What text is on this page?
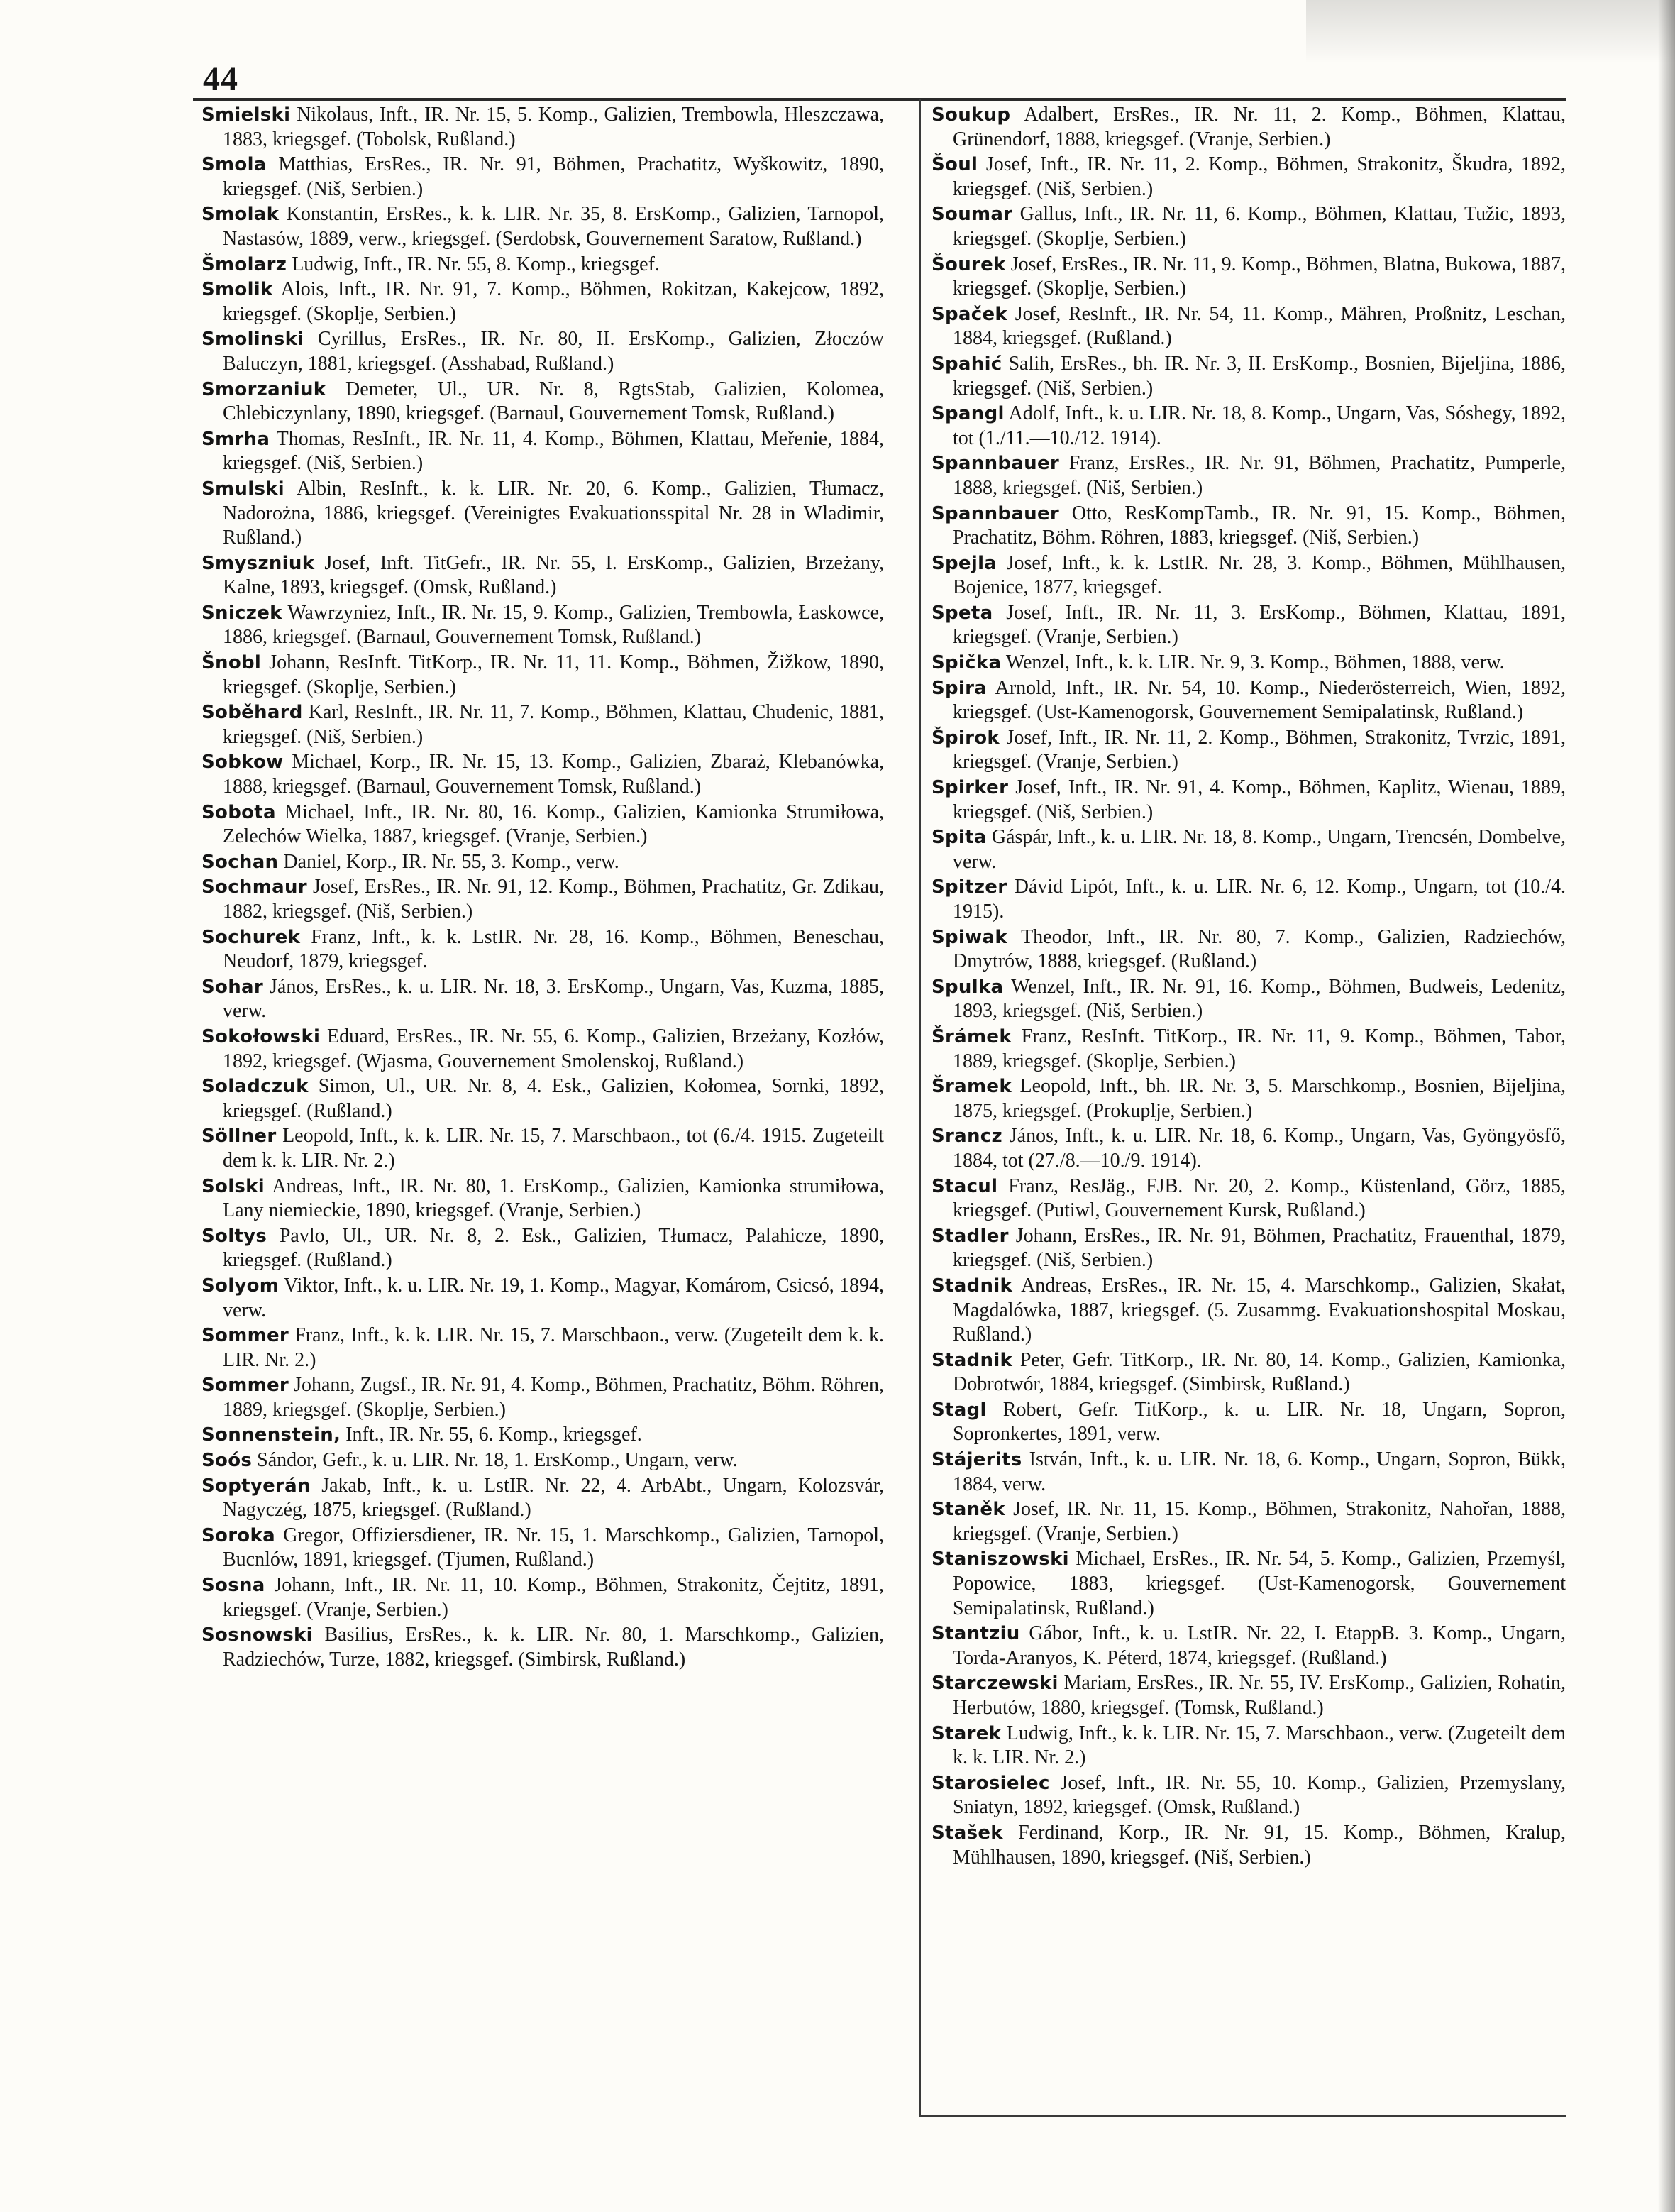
44

Smielski Nikolaus, Inft., IR. Nr. 15, 5. Komp., Galizien, Trembowla, Hleszczawa, 1883, kriegsgef. (Tobolsk, Rußland.)

Smola Matthias, ErsRes., IR. Nr. 91, Böhmen, Prachatitz, Wyškowitz, 1890, kriegsgef. (Niš, Serbien.)

Smolak Konstantin, ErsRes., k. k. LIR. Nr. 35, 8. ErsKomp., Galizien, Tarnopol, Nastasów, 1889, verw., kriegsgef. (Serdobsk, Gouvernement Saratow, Rußland.)

Šmolarz Ludwig, Inft., IR. Nr. 55, 8. Komp., kriegsgef.

Smolik Alois, Inft., IR. Nr. 91, 7. Komp., Böhmen, Rokitzan, Kakejcow, 1892, kriegsgef. (Skoplje, Serbien.)

Smolinski Cyrillus, ErsRes., IR. Nr. 80, II. ErsKomp., Galizien, Złoczów Baluczyn, 1881, kriegsgef. (Asshabad, Rußland.)

Smorzaniuk Demeter, Ul., UR. Nr. 8, RgtsStab, Galizien, Kolomea, Chlebiczynlany, 1890, kriegsgef. (Barnaul, Gouvernement Tomsk, Rußland.)

Smrha Thomas, ResInft., IR. Nr. 11, 4. Komp., Böhmen, Klattau, Meřenie, 1884, kriegsgef. (Niš, Serbien.)

Smulski Albin, ResInft., k. k. LIR. Nr. 20, 6. Komp., Galizien, Tłumacz, Nadorożna, 1886, kriegsgef. (Vereinigtes Evakuationsspital Nr. 28 in Wladimir, Rußland.)

Smyszniuk Josef, Inft. TitGefr., IR. Nr. 55, I. ErsKomp., Galizien, Brzeżany, Kalne, 1893, kriegsgef. (Omsk, Rußland.)

Sniczek Wawrzyniez, Inft., IR. Nr. 15, 9. Komp., Galizien, Trembowla, Łaskowce, 1886, kriegsgef. (Barnaul, Gouvernement Tomsk, Rußland.)

Šnobl Johann, ResInft. TitKorp., IR. Nr. 11, 11. Komp., Böhmen, Žižkow, 1890, kriegsgef. (Skoplje, Serbien.)

Soběhard Karl, ResInft., IR. Nr. 11, 7. Komp., Böhmen, Klattau, Chudenic, 1881, kriegsgef. (Niš, Serbien.)

Sobkow Michael, Korp., IR. Nr. 15, 13. Komp., Galizien, Zbaraż, Klebanówka, 1888, kriegsgef. (Barnaul, Gouvernement Tomsk, Rußland.)

Sobota Michael, Inft., IR. Nr. 80, 16. Komp., Galizien, Kamionka Strumiłowa, Zelechów Wielka, 1887, kriegsgef. (Vranje, Serbien.)

Sochan Daniel, Korp., IR. Nr. 55, 3. Komp., verw.

Sochmaur Josef, ErsRes., IR. Nr. 91, 12. Komp., Böhmen, Prachatitz, Gr. Zdikau, 1882, kriegsgef. (Niš, Serbien.)

Sochurek Franz, Inft., k. k. LstIR. Nr. 28, 16. Komp., Böhmen, Beneschau, Neudorf, 1879, kriegsgef.

Sohar János, ErsRes., k. u. LIR. Nr. 18, 3. ErsKomp., Ungarn, Vas, Kuzma, 1885, verw.

Sokołowski Eduard, ErsRes., IR. Nr. 55, 6. Komp., Galizien, Brzeżany, Kozłów, 1892, kriegsgef. (Wjasma, Gouvernement Smolenskoj, Rußland.)

Soladczuk Simon, Ul., UR. Nr. 8, 4. Esk., Galizien, Kołomea, Sornki, 1892, kriegsgef. (Rußland.)

Söllner Leopold, Inft., k. k. LIR. Nr. 15, 7. Marschbaon., tot (6./4. 1915. Zugeteilt dem k. k. LIR. Nr. 2.)

Solski Andreas, Inft., IR. Nr. 80, 1. ErsKomp., Galizien, Kamionka strumiłowa, Lany niemieckie, 1890, kriegsgef. (Vranje, Serbien.)

Soltys Pavlo, Ul., UR. Nr. 8, 2. Esk., Galizien, Tłumacz, Palahicze, 1890, kriegsgef. (Rußland.)

Solyom Viktor, Inft., k. u. LIR. Nr. 19, 1. Komp., Magyar, Komárom, Csicsó, 1894, verw.

Sommer Franz, Inft., k. k. LIR. Nr. 15, 7. Marschbaon., verw. (Zugeteilt dem k. k. LIR. Nr. 2.)

Sommer Johann, Zugsf., IR. Nr. 91, 4. Komp., Böhmen, Prachatitz, Böhm. Röhren, 1889, kriegsgef. (Skoplje, Serbien.)

Sonnenstein, Inft., IR. Nr. 55, 6. Komp., kriegsgef.

Soós Sándor, Gefr., k. u. LIR. Nr. 18, 1. ErsKomp., Ungarn, verw.

Soptyerán Jakab, Inft., k. u. LstIR. Nr. 22, 4. ArbAbt., Ungarn, Kolozsvár, Nagyczég, 1875, kriegsgef. (Rußland.)

Soroka Gregor, Offiziersdiener, IR. Nr. 15, 1. Marschkomp., Galizien, Tarnopol, Bucnlów, 1891, kriegsgef. (Tjumen, Rußland.)

Sosna Johann, Inft., IR. Nr. 11, 10. Komp., Böhmen, Strakonitz, Čejtitz, 1891, kriegsgef. (Vranje, Serbien.)

Sosnowski Basilius, ErsRes., k. k. LIR. Nr. 80, 1. Marschkomp., Galizien, Radziechów, Turze, 1882, kriegsgef. (Simbirsk, Rußland.)

Soukup Adalbert, ErsRes., IR. Nr. 11, 2. Komp., Böhmen, Klattau, Grünendorf, 1888, kriegsgef. (Vranje, Serbien.)

Šoul Josef, Inft., IR. Nr. 11, 2. Komp., Böhmen, Strakonitz, Škudra, 1892, kriegsgef. (Niš, Serbien.)

Soumar Gallus, Inft., IR. Nr. 11, 6. Komp., Böhmen, Klattau, Tužic, 1893, kriegsgef. (Skoplje, Serbien.)

Šourek Josef, ErsRes., IR. Nr. 11, 9. Komp., Böhmen, Blatna, Bukowa, 1887, kriegsgef. (Skoplje, Serbien.)

Spaček Josef, ResInft., IR. Nr. 54, 11. Komp., Mähren, Proßnitz, Leschan, 1884, kriegsgef. (Rußland.)

Spahić Salih, ErsRes., bh. IR. Nr. 3, II. ErsKomp., Bosnien, Bijeljina, 1886, kriegsgef. (Niš, Serbien.)

Spangl Adolf, Inft., k. u. LIR. Nr. 18, 8. Komp., Ungarn, Vas, Sóshegy, 1892, tot (1./11.—10./12. 1914).

Spannbauer Franz, ErsRes., IR. Nr. 91, Böhmen, Prachatitz, Pumperle, 1888, kriegsgef. (Niš, Serbien.)

Spannbauer Otto, ResKompTamb., IR. Nr. 91, 15. Komp., Böhmen, Prachatitz, Böhm. Röhren, 1883, kriegsgef. (Niš, Serbien.)

Spejla Josef, Inft., k. k. LstIR. Nr. 28, 3. Komp., Böhmen, Mühlhausen, Bojenice, 1877, kriegsgef.

Speta Josef, Inft., IR. Nr. 11, 3. ErsKomp., Böhmen, Klattau, 1891, kriegsgef. (Vranje, Serbien.)

Spička Wenzel, Inft., k. k. LIR. Nr. 9, 3. Komp., Böhmen, 1888, verw.

Spira Arnold, Inft., IR. Nr. 54, 10. Komp., Niederösterreich, Wien, 1892, kriegsgef. (Ust-Kamenogorsk, Gouvernement Semipalatinsk, Rußland.)

Špirok Josef, Inft., IR. Nr. 11, 2. Komp., Böhmen, Strakonitz, Tvrzic, 1891, kriegsgef. (Vranje, Serbien.)

Spirker Josef, Inft., IR. Nr. 91, 4. Komp., Böhmen, Kaplitz, Wienau, 1889, kriegsgef. (Niš, Serbien.)

Spita Gáspár, Inft., k. u. LIR. Nr. 18, 8. Komp., Ungarn, Trencsén, Dombelve, verw.

Spitzer Dávid Lipót, Inft., k. u. LIR. Nr. 6, 12. Komp., Ungarn, tot (10./4. 1915).

Spiwak Theodor, Inft., IR. Nr. 80, 7. Komp., Galizien, Radziechów, Dmytrów, 1888, kriegsgef. (Rußland.)

Spulka Wenzel, Inft., IR. Nr. 91, 16. Komp., Böhmen, Budweis, Ledenitz, 1893, kriegsgef. (Niš, Serbien.)

Šrámek Franz, ResInft. TitKorp., IR. Nr. 11, 9. Komp., Böhmen, Tabor, 1889, kriegsgef. (Skoplje, Serbien.)

Šramek Leopold, Inft., bh. IR. Nr. 3, 5. Marschkomp., Bosnien, Bijeljina, 1875, kriegsgef. (Prokuplje, Serbien.)

Srancz János, Inft., k. u. LIR. Nr. 18, 6. Komp., Ungarn, Vas, Gyöngyösfő, 1884, tot (27./8.—10./9. 1914).

Stacul Franz, ResJäg., FJB. Nr. 20, 2. Komp., Küstenland, Görz, 1885, kriegsgef. (Putiwl, Gouvernement Kursk, Rußland.)

Stadler Johann, ErsRes., IR. Nr. 91, Böhmen, Prachatitz, Frauenthal, 1879, kriegsgef. (Niš, Serbien.)

Stadnik Andreas, ErsRes., IR. Nr. 15, 4. Marschkomp., Galizien, Skałat, Magdalówka, 1887, kriegsgef. (5. Zusammg. Evakuationshospital Moskau, Rußland.)

Stadnik Peter, Gefr. TitKorp., IR. Nr. 80, 14. Komp., Galizien, Kamionka, Dobrotwór, 1884, kriegsgef. (Simbirsk, Rußland.)

Stagl Robert, Gefr. TitKorp., k. u. LIR. Nr. 18, Ungarn, Sopron, Sopronkertes, 1891, verw.

Stájerits István, Inft., k. u. LIR. Nr. 18, 6. Komp., Ungarn, Sopron, Bükk, 1884, verw.

Staněk Josef, IR. Nr. 11, 15. Komp., Böhmen, Strakonitz, Nahořan, 1888, kriegsgef. (Vranje, Serbien.)

Staniszowski Michael, ErsRes., IR. Nr. 54, 5. Komp., Galizien, Przemyśl, Popowice, 1883, kriegsgef. (Ust-Kamenogorsk, Gouvernement Semipalatinsk, Rußland.)

Stantziu Gábor, Inft., k. u. LstIR. Nr. 22, I. EtappB. 3. Komp., Ungarn, Torda-Aranyos, K. Péterd, 1874, kriegsgef. (Rußland.)

Starczewski Mariam, ErsRes., IR. Nr. 55, IV. ErsKomp., Galizien, Rohatin, Herbutów, 1880, kriegsgef. (Tomsk, Rußland.)

Starek Ludwig, Inft., k. k. LIR. Nr. 15, 7. Marschbaon., verw. (Zugeteilt dem k. k. LIR. Nr. 2.)

Starosielec Josef, Inft., IR. Nr. 55, 10. Komp., Galizien, Przemyslany, Sniatyn, 1892, kriegsgef. (Omsk, Rußland.)

Stašek Ferdinand, Korp., IR. Nr. 91, 15. Komp., Böhmen, Kralup, Mühlhausen, 1890, kriegsgef. (Niš, Serbien.)
